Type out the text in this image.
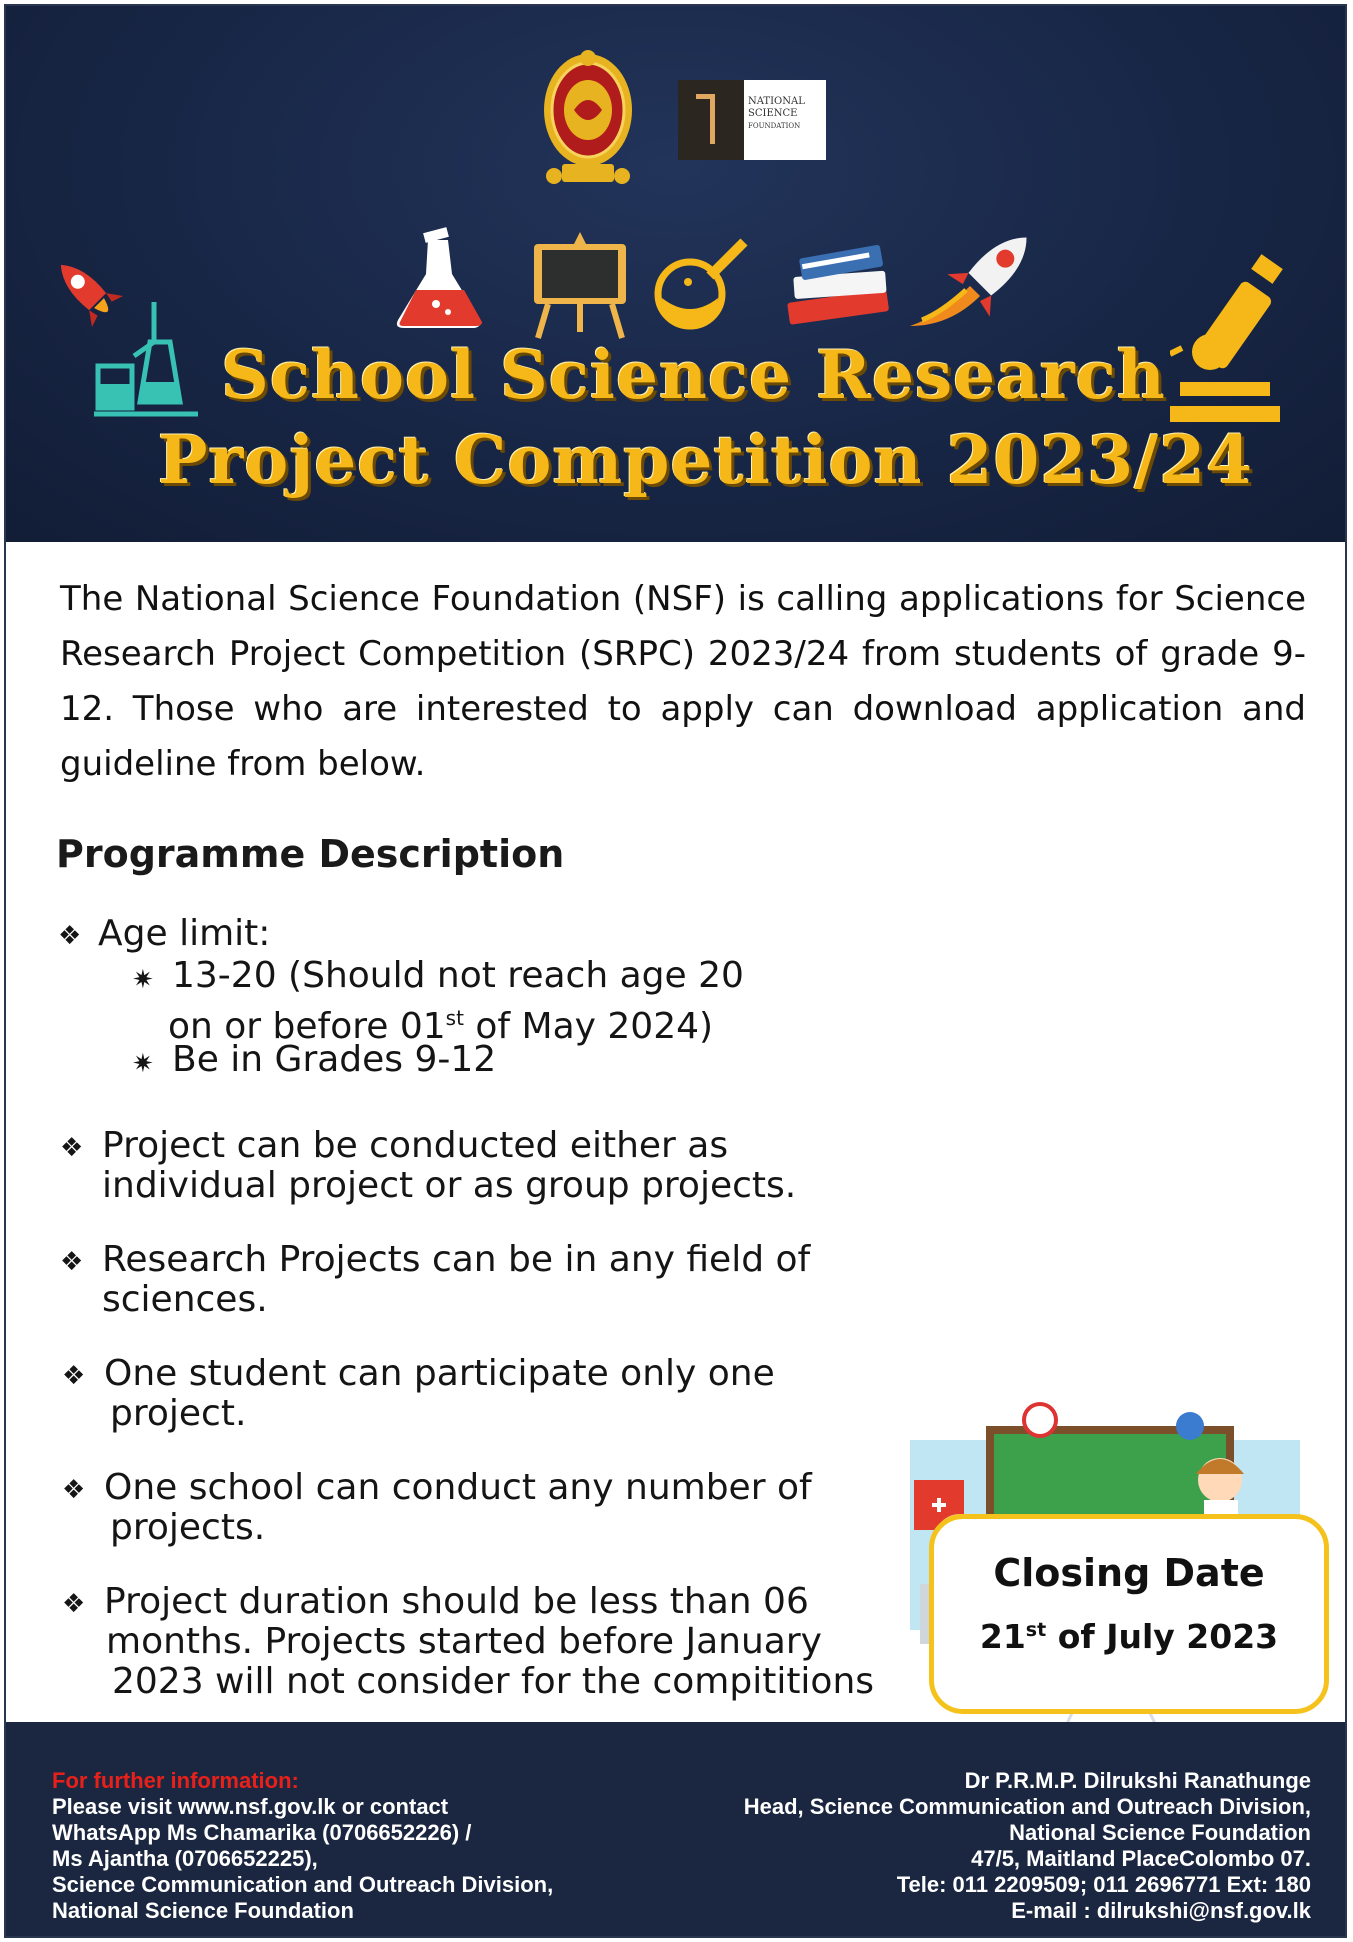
NATIONAL
SCIENCE
FOUNDATION
School Science Research
Project Competition 2023/24
The National Science Foundation (NSF) is calling applications for Science Research Project Competition (SRPC) 2023/24 from students of grade 9-12. Those who are interested to apply can download application and guideline from below.
Programme Description
❖ Age limit:
✷ 13-20 (Should not reach age 20
on or before 01st of May 2024)
✷ Be in Grades 9-12
❖ Project can be conducted either as
individual project or as group projects.
❖ Research Projects can be in any field of
sciences.
❖ One student can participate only one
project.
❖ One school can conduct any number of
projects.
❖ Project duration should be less than 06
months. Projects started before January
2023 will not consider for the compititions
Closing Date
21st of July 2023
For further information:
Please visit www.nsf.gov.lk or contact
WhatsApp Ms Chamarika (0706652226) /
Ms Ajantha (0706652225),
Science Communication and Outreach Division,
National Science Foundation
Dr P.R.M.P. Dilrukshi Ranathunge
Head, Science Communication and Outreach Division,
National Science Foundation
47/5, Maitland PlaceColombo 07.
Tele: 011 2209509; 011 2696771 Ext: 180
E-mail : dilrukshi@nsf.gov.lk
